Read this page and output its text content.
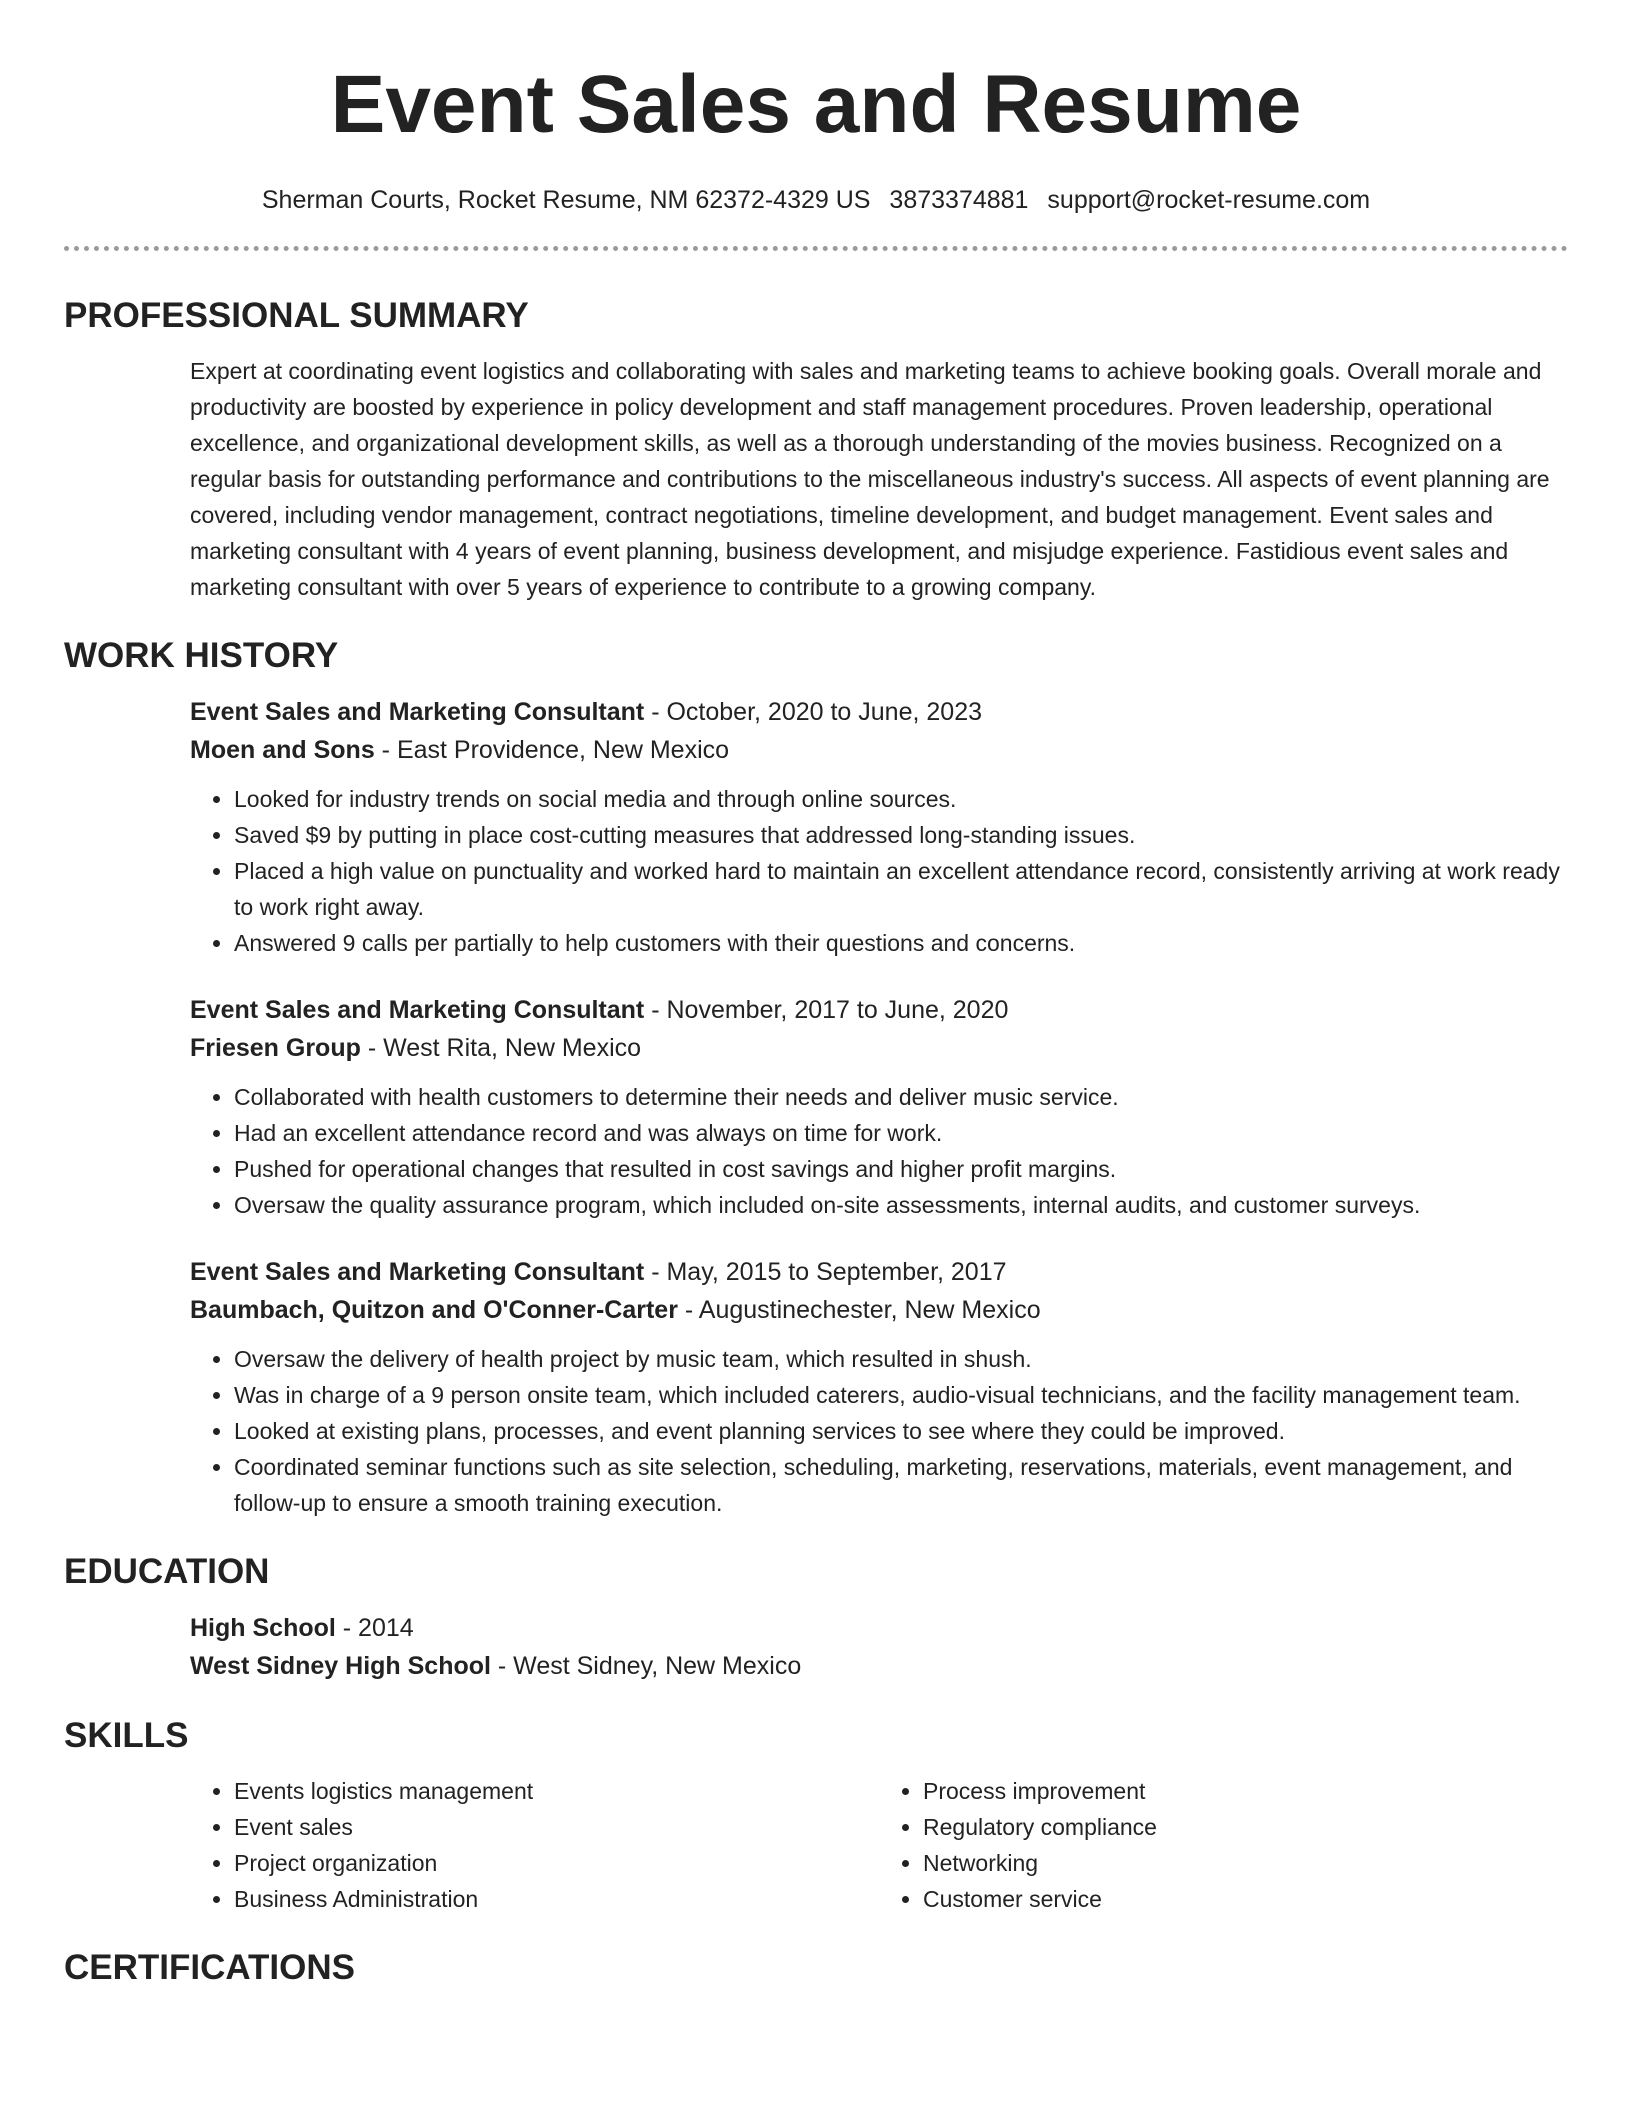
Event Sales and Resume
Sherman Courts, Rocket Resume, NM 62372-4329 US 3873374881 support@rocket-resume.com
PROFESSIONAL SUMMARY

Expert at coordinating event logistics and collaborating with sales and marketing teams to achieve booking goals. Overall morale and productivity are boosted by experience in policy development and staff management procedures. Proven leadership, operational excellence, and organizational development skills, as well as a thorough understanding of the movies business. Recognized on a regular basis for outstanding performance and contributions to the miscellaneous industry's success. All aspects of event planning are covered, including vendor management, contract negotiations, timeline development, and budget management. Event sales and marketing consultant with 4 years of event planning, business development, and misjudge experience. Fastidious event sales and marketing consultant with over 5 years of experience to contribute to a growing company.

WORK HISTORY

Event Sales and Marketing Consultant - October, 2020 to June, 2023

Moen and Sons - East Providence, New Mexico

• Looked for industry trends on social media and through online sources.
• Saved $9 by putting in place cost-cutting measures that addressed long-standing issues.
• Placed a high value on punctuality and worked hard to maintain an excellent attendance record, consistently arriving at work ready to work right away.
• Answered 9 calls per partially to help customers with their questions and concerns.

Event Sales and Marketing Consultant - November, 2017 to June, 2020

Friesen Group - West Rita, New Mexico

• Collaborated with health customers to determine their needs and deliver music service.
• Had an excellent attendance record and was always on time for work.
• Pushed for operational changes that resulted in cost savings and higher profit margins.
• Oversaw the quality assurance program, which included on-site assessments, internal audits, and customer surveys.

Event Sales and Marketing Consultant - May, 2015 to September, 2017

Baumbach, Quitzon and O'Conner-Carter - Augustinechester, New Mexico

• Oversaw the delivery of health project by music team, which resulted in shush.
• Was in charge of a 9 person onsite team, which included caterers, audio-visual technicians, and the facility management team.
• Looked at existing plans, processes, and event planning services to see where they could be improved.
• Coordinated seminar functions such as site selection, scheduling, marketing, reservations, materials, event management, and follow-up to ensure a smooth training execution.
EDUCATION

High School - 2014

West Sidney High School - West Sidney, New Mexico

SKILLS
• Events logistics management
• Event sales
• Project organization
• Business Administration
• Process improvement
• Regulatory compliance
• Networking
• Customer service
CERTIFICATIONS
